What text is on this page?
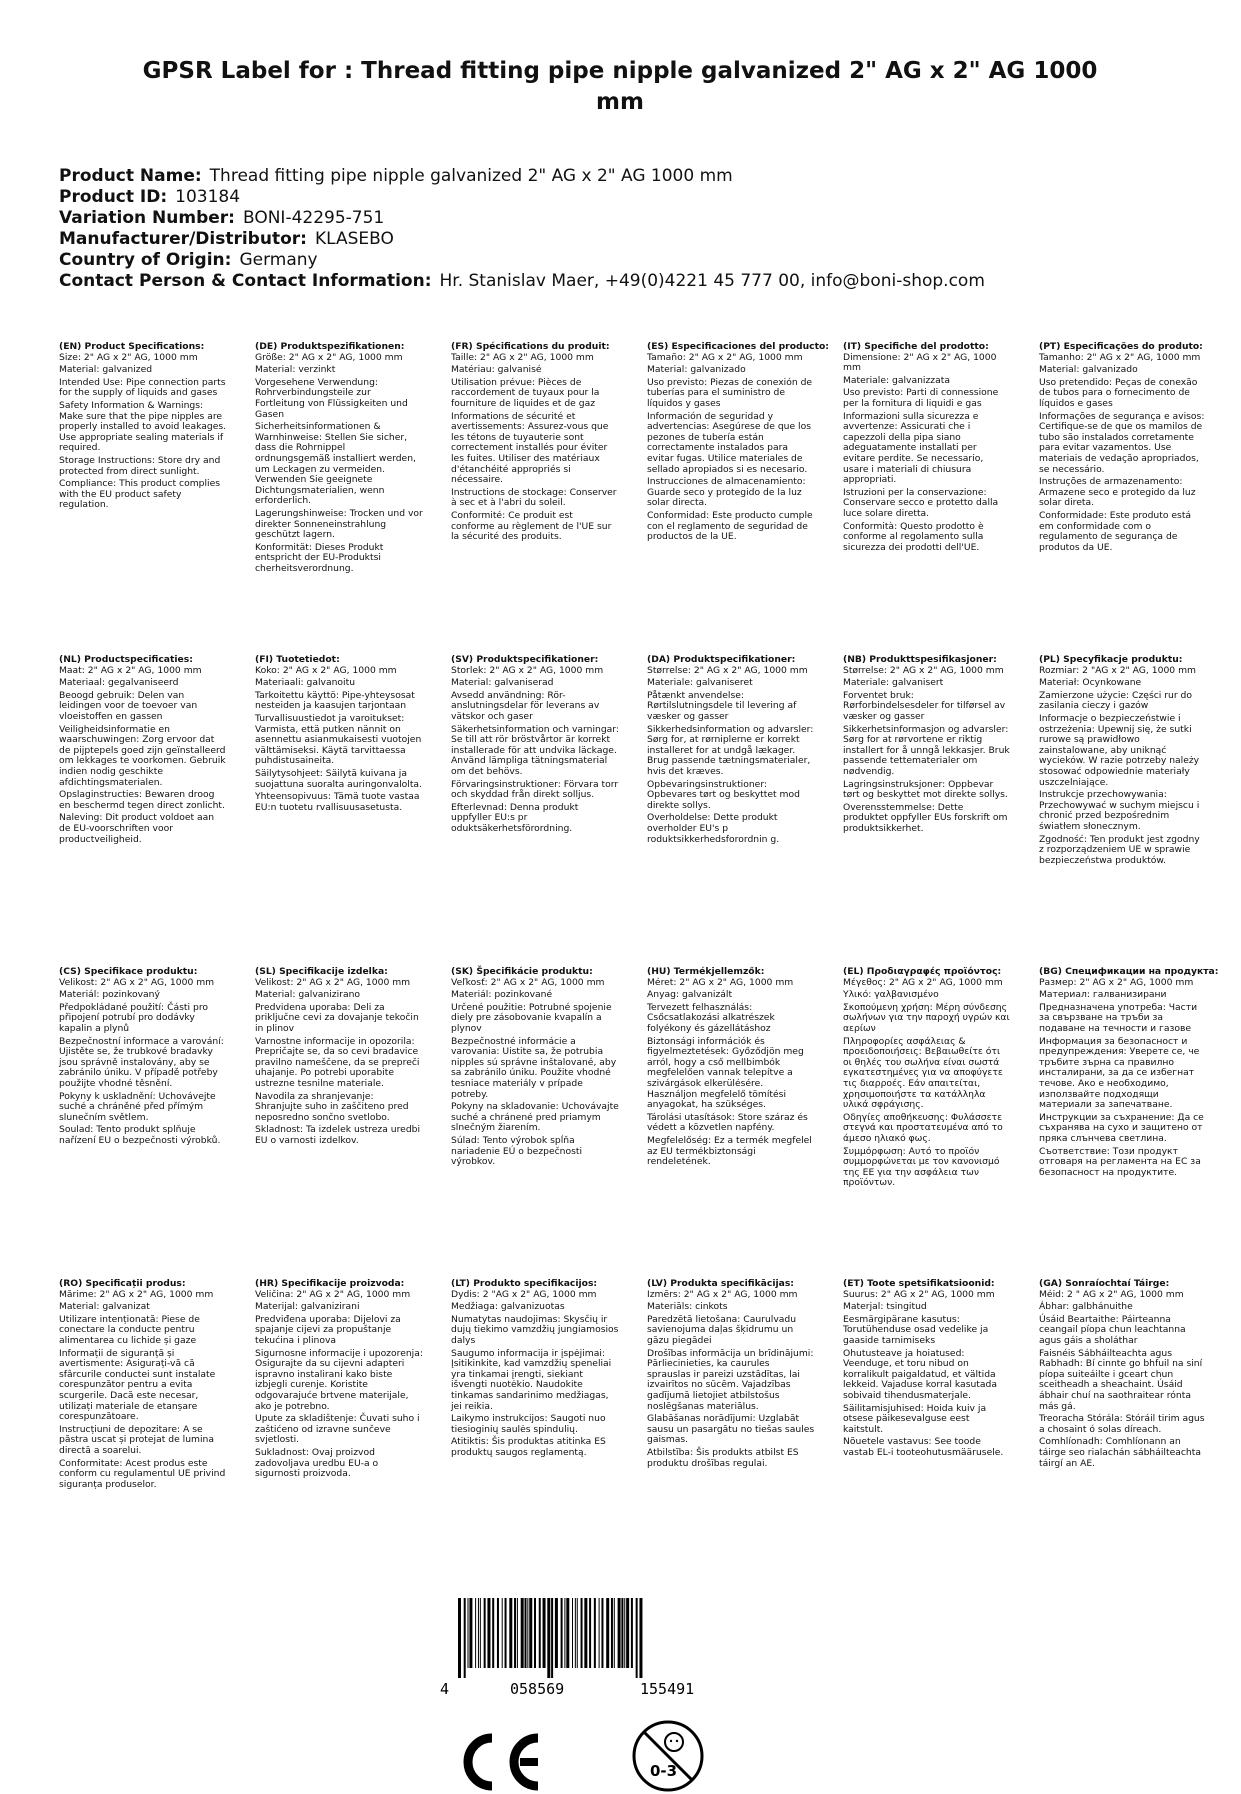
GPSR Label for : Thread fitting pipe nipple galvanized 2" AG x 2" AG 1000 mm
Product Name: Thread fitting pipe nipple galvanized 2" AG x 2" AG 1000 mm
Product ID: 103184
Variation Number: BONI-42295-751
Manufacturer/Distributor: KLASEBO
Country of Origin: Germany
Contact Person & Contact Information: Hr. Stanislav Maer, +49(0)4221 45 777 00, info@boni-shop.com
(EN) Product Specifications:

Size: 2" AG x 2" AG, 1000 mm

Material: galvanized

Intended Use: Pipe connection parts for the supply of liquids and gases

Safety Information & Warnings: Make sure that the pipe nipples are properly installed to avoid leakages. Use appropriate sealing materials if required.

Storage Instructions: Store dry and protected from direct sunlight.

Compliance: This product complies with the EU product safety regulation.

(DE) Produktspezifikationen:

Größe: 2" AG x 2" AG, 1000 mm

Material: verzinkt

Vorgesehene Verwendung: Rohrverbindungsteile zur Fortleitung von Flüssigkeiten und Gasen

Sicherheitsinformationen & Warnhinweise: Stellen Sie sicher, dass die Rohrnippel ordnungsgemäß installiert werden, um Leckagen zu vermeiden. Verwenden Sie geeignete Dichtungsmaterialien, wenn erforderlich.

Lagerungshinweise: Trocken und vor direkter Sonneneinstrahlung geschützt lagern.

Konformität: Dieses Produkt entspricht der EU-Produktsi cherheitsverordnung.

(FR) Spécifications du produit:

Taille: 2" AG x 2" AG, 1000 mm

Matériau: galvanisé

Utilisation prévue: Pièces de raccordement de tuyaux pour la fourniture de liquides et de gaz

Informations de sécurité et avertissements: Assurez-vous que les tétons de tuyauterie sont correctement installés pour éviter les fuites. Utiliser des matériaux d'étanchéité appropriés si nécessaire.

Instructions de stockage: Conserver à sec et à l'abri du soleil.

Conformité: Ce produit est conforme au règlement de l'UE sur la sécurité des produits.

(ES) Especificaciones del producto:

Tamaño: 2" AG x 2" AG, 1000 mm

Material: galvanizado

Uso previsto: Piezas de conexión de tuberías para el suministro de líquidos y gases

Información de seguridad y advertencias: Asegúrese de que los pezones de tubería están correctamente instalados para evitar fugas. Utilice materiales de sellado apropiados si es necesario.

Instrucciones de almacenamiento: Guarde seco y protegido de la luz solar directa.

Conformidad: Este producto cumple con el reglamento de seguridad de productos de la UE.

(IT) Specifiche del prodotto:

Dimensione: 2" AG x 2" AG, 1000 mm

Materiale: galvanizzata

Uso previsto: Parti di connessione per la fornitura di liquidi e gas

Informazioni sulla sicurezza e avvertenze: Assicurati che i capezzoli della pipa siano adeguatamente installati per evitare perdite. Se necessario, usare i materiali di chiusura appropriati.

Istruzioni per la conservazione: Conservare secco e protetto dalla luce solare diretta.

Conformità: Questo prodotto è conforme al regolamento sulla sicurezza dei prodotti dell'UE.

(PT) Especificações do produto:

Tamanho: 2" AG x 2" AG, 1000 mm

Material: galvanizado

Uso pretendido: Peças de conexão de tubos para o fornecimento de líquidos e gases

Informações de segurança e avisos: Certifique-se de que os mamilos de tubo são instalados corretamente para evitar vazamentos. Use materiais de vedação apropriados, se necessário.

Instruções de armazenamento: Armazene seco e protegido da luz solar direta.

Conformidade: Este produto está em conformidade com o regulamento de segurança de produtos da UE.

(NL) Productspecificaties:

Maat: 2" AG x 2" AG, 1000 mm

Materiaal: gegalvaniseerd

Beoogd gebruik: Delen van leidingen voor de toevoer van vloeistoffen en gassen

Veiligheidsinformatie en waarschuwingen: Zorg ervoor dat de pijptepels goed zijn geïnstalleerd om lekkages te voorkomen. Gebruik indien nodig geschikte afdichtingsmaterialen.

Opslaginstructies: Bewaren droog en beschermd tegen direct zonlicht.

Naleving: Dit product voldoet aan de EU-voorschriften voor productveiligheid.

(FI) Tuotetiedot:

Koko: 2" AG x 2" AG, 1000 mm

Materiaali: galvanoitu

Tarkoitettu käyttö: Pipe-yhteysosat nesteiden ja kaasujen tarjontaan

Turvallisuustiedot ja varoitukset: Varmista, että putken nännit on asennettu asianmukaisesti vuotojen välttämiseksi. Käytä tarvittaessa puhdistusaineita.

Säilytysohjeet: Säilytä kuivana ja suojattuna suoralta auringonvalolta.

Yhteensopivuus: Tämä tuote vastaa EU:n tuotetu rvallisuusasetusta.

(SV) Produktspecifikationer:

Storlek: 2" AG x 2" AG, 1000 mm

Material: galvaniserad

Avsedd användning: Rör-anslutningsdelar för leverans av vätskor och gaser

Säkerhetsinformation och varningar: Se till att rör bröstvårtor är korrekt installerade för att undvika läckage. Använd lämpliga tätningsmaterial om det behövs.

Förvaringsinstruktioner: Förvara torr och skyddad från direkt solljus.

Efterlevnad: Denna produkt uppfyller EU:s pr oduktsäkerhetsförordning.

(DA) Produktspecifikationer:

Størrelse: 2" AG x 2" AG, 1000 mm

Materiale: galvaniseret

Påtænkt anvendelse: Rørtilslutningsdele til levering af væsker og gasser

Sikkerhedsinformation og advarsler: Sørg for, at rørniplerne er korrekt installeret for at undgå lækager. Brug passende tætningsmaterialer, hvis det kræves.

Opbevaringsinstruktioner: Opbevares tørt og beskyttet mod direkte sollys.

Overholdelse: Dette produkt overholder EU's p roduktsikkerhedsforordnin g.

(NB) Produkttspesifikasjoner:

Størrelse: 2" AG x 2" AG, 1000 mm

Materiale: galvanisert

Forventet bruk: Rørforbindelsesdeler for tilførsel av væsker og gasser

Sikkerhetsinformasjon og advarsler: Sørg for at rørvortene er riktig installert for å unngå lekkasjer. Bruk passende tettematerialer om nødvendig.

Lagringsinstruksjoner: Oppbevar tørt og beskyttet mot direkte sollys.

Overensstemmelse: Dette produktet oppfyller EUs forskrift om produktsikkerhet.

(PL) Specyfikacje produktu:

Rozmiar: 2 "AG x 2" AG, 1000 mm

Materiał: Ocynkowane

Zamierzone użycie: Części rur do zasilania cieczy i gazów

Informacje o bezpieczeństwie i ostrzeżenia: Upewnij się, że sutki rurowe są prawidłowo zainstalowane, aby uniknąć wycieków. W razie potrzeby należy stosować odpowiednie materiały uszczelniające.

Instrukcje przechowywania: Przechowywać w suchym miejscu i chronić przed bezpośrednim światłem słonecznym.

Zgodność: Ten produkt jest zgodny z rozporządzeniem UE w sprawie bezpieczeństwa produktów.

(CS) Specifikace produktu:

Velikost: 2" AG x 2" AG, 1000 mm

Materiál: pozinkovaný

Předpokládané použití: Části pro připojení potrubí pro dodávky kapalin a plynů

Bezpečnostní informace a varování: Ujistěte se, že trubkové bradavky jsou správně instalovány, aby se zabránilo úniku. V případě potřeby použijte vhodné těsnění.

Pokyny k uskladnění: Uchovávejte suché a chráněné před přímým slunečním světlem.

Soulad: Tento produkt splňuje nařízení EU o bezpečnosti výrobků.

(SL) Specifikacije izdelka:

Velikost: 2" AG x 2" AG, 1000 mm

Material: galvanizirano

Predvidena uporaba: Deli za priključne cevi za dovajanje tekočin in plinov

Varnostne informacije in opozorila: Prepričajte se, da so cevi bradavice pravilno nameščene, da se prepreči uhajanje. Po potrebi uporabite ustrezne tesnilne materiale.

Navodila za shranjevanje: Shranjujte suho in zaščiteno pred neposredno sončno svetlobo.

Skladnost: Ta izdelek ustreza uredbi EU o varnosti izdelkov.

(SK) Špecifikácie produktu:

Veľkosť: 2" AG x 2" AG, 1000 mm

Materiál: pozinkované

Určené použitie: Potrubné spojenie diely pre zásobovanie kvapalín a plynov

Bezpečnostné informácie a varovania: Uistite sa, že potrubia nipples sú správne inštalované, aby sa zabránilo úniku. Použite vhodné tesniace materiály v prípade potreby.

Pokyny na skladovanie: Uchovávajte suché a chránené pred priamym slnečným žiarením.

Súlad: Tento výrobok spĺňa nariadenie EÚ o bezpečnosti výrobkov.

(HU) Termékjellemzők:

Méret: 2" AG x 2" AG, 1000 mm

Anyag: galvanizált

Tervezett felhasználás: Csőcsatlakozási alkatrészek folyékony és gázellátáshoz

Biztonsági információk és figyelmeztetések: Győződjön meg arról, hogy a cső mellbimbók megfelelően vannak telepítve a szivárgások elkerülésére. Használjon megfelelő tömítési anyagokat, ha szükséges.

Tárolási utasítások: Store száraz és védett a közvetlen napfény.

Megfelelőség: Ez a termék megfelel az EU termékbiztonsági rendeletének.

(EL) Προδιαγραφές προϊόντος:

Μέγεθος: 2" AG x 2" AG, 1000 mm

Υλικό: γαλβανισμένο

Σκοπούμενη χρήση: Μέρη σύνδεσης σωλήνων για την παροχή υγρών και αερίων

Πληροφορίες ασφάλειας & προειδοποιήσεις: Βεβαιωθείτε ότι οι θηλές του σωλήνα είναι σωστά εγκατεστημένες για να αποφύγετε τις διαρροές. Εάν απαιτείται, χρησιμοποιήστε τα κατάλληλα υλικά σφράγισης.

Οδηγίες αποθήκευσης: Φυλάσσετε στεγνά και προστατευμένα από το άμεσο ηλιακό φως.

Συμμόρφωση: Αυτό το προϊόν συμμορφώνεται με τον κανονισμό της ΕΕ για την ασφάλεια των προϊόντων.

(BG) Спецификации на продукта:

Размер: 2" AG x 2" AG, 1000 mm

Материал: галванизирани

Предназначена употреба: Части за свързване на тръби за подаване на течности и газове

Информация за безопасност и предупреждения: Уверете се, че тръбите зърна са правилно инсталирани, за да се избегнат течове. Ако е необходимо, използвайте подходящи материали за запечатване.

Инструкции за съхранение: Да се съхранява на сухо и защитено от пряка слънчева светлина.

Съответствие: Този продукт отговаря на регламента на ЕС за безопасност на продуктите.

(RO) Specificații produs:

Mărime: 2" AG x 2" AG, 1000 mm

Material: galvanizat

Utilizare intenționată: Piese de conectare la conducte pentru alimentarea cu lichide și gaze

Informații de siguranță și avertismente: Asigurați-vă că sfârcurile conductei sunt instalate corespunzător pentru a evita scurgerile. Dacă este necesar, utilizați materiale de etanșare corespunzătoare.

Instrucțiuni de depozitare: A se păstra uscat și protejat de lumina directă a soarelui.

Conformitate: Acest produs este conform cu regulamentul UE privind siguranța produselor.

(HR) Specifikacije proizvoda:

Veličina: 2" AG x 2" AG, 1000 mm

Materijal: galvanizirani

Predviđena uporaba: Dijelovi za spajanje cijevi za propuštanje tekućina i plinova

Sigurnosne informacije i upozorenja: Osigurajte da su cijevni adapteri ispravno instalirani kako biste izbjegli curenje. Koristite odgovarajuće brtvene materijale, ako je potrebno.

Upute za skladištenje: Čuvati suho i zaštićeno od izravne sunčeve svjetlosti.

Sukladnost: Ovaj proizvod zadovoljava uredbu EU-a o sigurnosti proizvoda.

(LT) Produkto specifikacijos:

Dydis: 2 "AG x 2" AG, 1000 mm

Medžiaga: galvanizuotas

Numatytas naudojimas: Skysčių ir dujų tiekimo vamzdžių jungiamosios dalys

Saugumo informacija ir įspėjimai: Įsitikinkite, kad vamzdžių speneliai yra tinkamai įrengti, siekiant išvengti nuotėkio. Naudokite tinkamas sandarinimo medžiagas, jei reikia.

Laikymo instrukcijos: Saugoti nuo tiesioginių saulės spindulių.

Atitiktis: Šis produktas atitinka ES produktų saugos reglamentą.

(LV) Produkta specifikācijas:

Izmērs: 2" AG x 2" AG, 1000 mm

Materiāls: cinkots

Paredzētā lietošana: Caurulvadu savienojuma daļas šķidrumu un gāzu piegādei

Drošības informācija un brīdinājumi: Pārliecinieties, ka caurules sprauslas ir pareizi uzstādītas, lai izvairītos no sūcēm. Vajadzības gadījumā lietojiet atbilstošus noslēgšanas materiālus.

Glabāšanas norādījumi: Uzglabāt sausu un pasargātu no tiešas saules gaismas.

Atbilstība: Šis produkts atbilst ES produktu drošības regulai.

(ET) Toote spetsifikatsioonid:

Suurus: 2" AG x 2" AG, 1000 mm

Materjal: tsingitud

Eesmärgipärane kasutus: Torutühenduse osad vedelike ja gaaside tarnimiseks

Ohutusteave ja hoiatused: Veenduge, et toru nibud on korralikult paigaldatud, et vältida lekkeid. Vajaduse korral kasutada sobivaid tihendusmaterjale.

Säilitamisjuhised: Hoida kuiv ja otsese päikesevalguse eest kaitstult.

Nõuetele vastavus: See toode vastab EL-i tooteohutusmäärusele.

(GA) Sonraíochtaí Táirge:

Méid: 2 " AG x 2" AG, 1000 mm

Ábhar: galbhánuithe

Úsáid Beartaithe: Páirteanna ceangail píopa chun leachtanna agus gáis a sholáthar

Faisnéis Sábháilteachta agus Rabhadh: Bí cinnte go bhfuil na siní píopa suiteáilte i gceart chun sceitheadh a sheachaint. Úsáid ábhair chuí na saothraitear rónta más gá.

Treoracha Stórála: Stóráil tirim agus a chosaint ó solas díreach.

Comhlíonadh: Comhlíonann an táirge seo rialachán sábháilteachta táirgí an AE.

4	058569	155491
0-3
